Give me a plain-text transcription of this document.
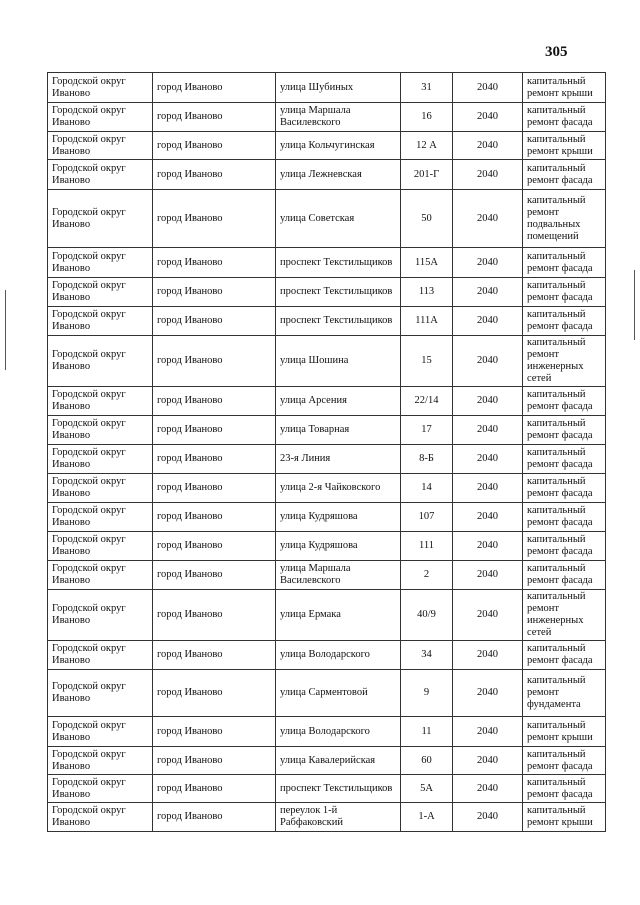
305
Городской округ Иваново	город Иваново	улица Шубиных	31	2040	капитальный ремонт крыши
Городской округ Иваново	город Иваново	улица Маршала Василевского	16	2040	капитальный ремонт фасада
Городской округ Иваново	город Иваново	улица Кольчугинская	12 А	2040	капитальный ремонт крыши
Городской округ Иваново	город Иваново	улица Лежневская	201-Г	2040	капитальный ремонт фасада
Городской округ Иваново	город Иваново	улица Советская	50	2040	капитальный ремонт подвальных помещений
Городской округ Иваново	город Иваново	проспект Текстильщиков	115А	2040	капитальный ремонт фасада
Городской округ Иваново	город Иваново	проспект Текстильщиков	113	2040	капитальный ремонт фасада
Городской округ Иваново	город Иваново	проспект Текстильщиков	111А	2040	капитальный ремонт фасада
Городской округ Иваново	город Иваново	улица Шошина	15	2040	капитальный ремонт инженерных сетей
Городской округ Иваново	город Иваново	улица Арсения	22/14	2040	капитальный ремонт фасада
Городской округ Иваново	город Иваново	улица Товарная	17	2040	капитальный ремонт фасада
Городской округ Иваново	город Иваново	23-я Линия	8-Б	2040	капитальный ремонт фасада
Городской округ Иваново	город Иваново	улица 2-я Чайковского	14	2040	капитальный ремонт фасада
Городской округ Иваново	город Иваново	улица Кудряшова	107	2040	капитальный ремонт фасада
Городской округ Иваново	город Иваново	улица Кудряшова	111	2040	капитальный ремонт фасада
Городской округ Иваново	город Иваново	улица Маршала Василевского	2	2040	капитальный ремонт фасада
Городской округ Иваново	город Иваново	улица Ермака	40/9	2040	капитальный ремонт инженерных сетей
Городской округ Иваново	город Иваново	улица Володарского	34	2040	капитальный ремонт фасада
Городской округ Иваново	город Иваново	улица Сарментовой	9	2040	капитальный ремонт фундамента
Городской округ Иваново	город Иваново	улица Володарского	11	2040	капитальный ремонт крыши
Городской округ Иваново	город Иваново	улица Кавалерийская	60	2040	капитальный ремонт фасада
Городской округ Иваново	город Иваново	проспект Текстильщиков	5А	2040	капитальный ремонт фасада
Городской округ Иваново	город Иваново	переулок 1-й Рабфаковский	1-А	2040	капитальный ремонт крыши
